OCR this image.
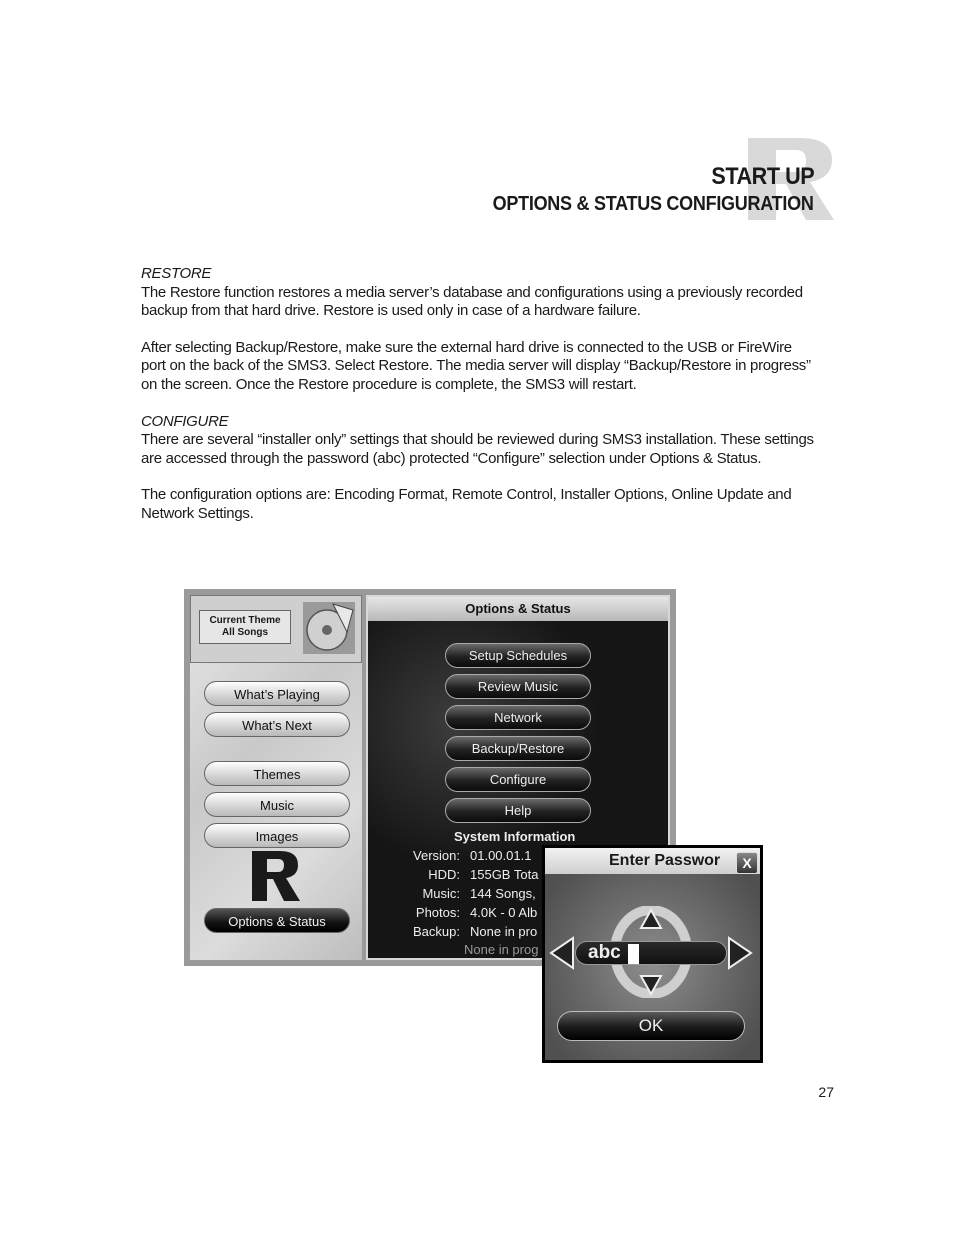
START UP
OPTIONS & STATUS CONFIGURATION

RESTORE

The Restore function restores a media server’s database and configurations using a previously recorded backup from that hard drive. Restore is used only in case of a hardware failure.

After selecting Backup/Restore, make sure the external hard drive is connected to the USB or FireWire port on the back of the SMS3. Select Restore. The media server will display “Backup/Restore in progress” on the screen. Once the Restore procedure is complete, the SMS3 will restart.

CONFIGURE

There are several “installer only” settings that should be reviewed during SMS3 installation. These settings are accessed through the password (abc) protected “Configure” selection under Options & Status.

The configuration options are: Encoding Format, Remote Control, Installer Options, Online Update and Network Settings.

Current Theme
All Songs
What’s Playing
What’s Next
Themes
Music
Images
Options & Status
Options & Status
Setup Schedules
Review Music
Network
Backup/Restore
Configure
Help
System Information
Version: 01.00.01.1
HDD: 155GB Tota
Music: 144 Songs,
Photos: 4.0K - 0 Alb
Backup: None in pro
None in prog
Enter Passwor	X
abc
OK
27
